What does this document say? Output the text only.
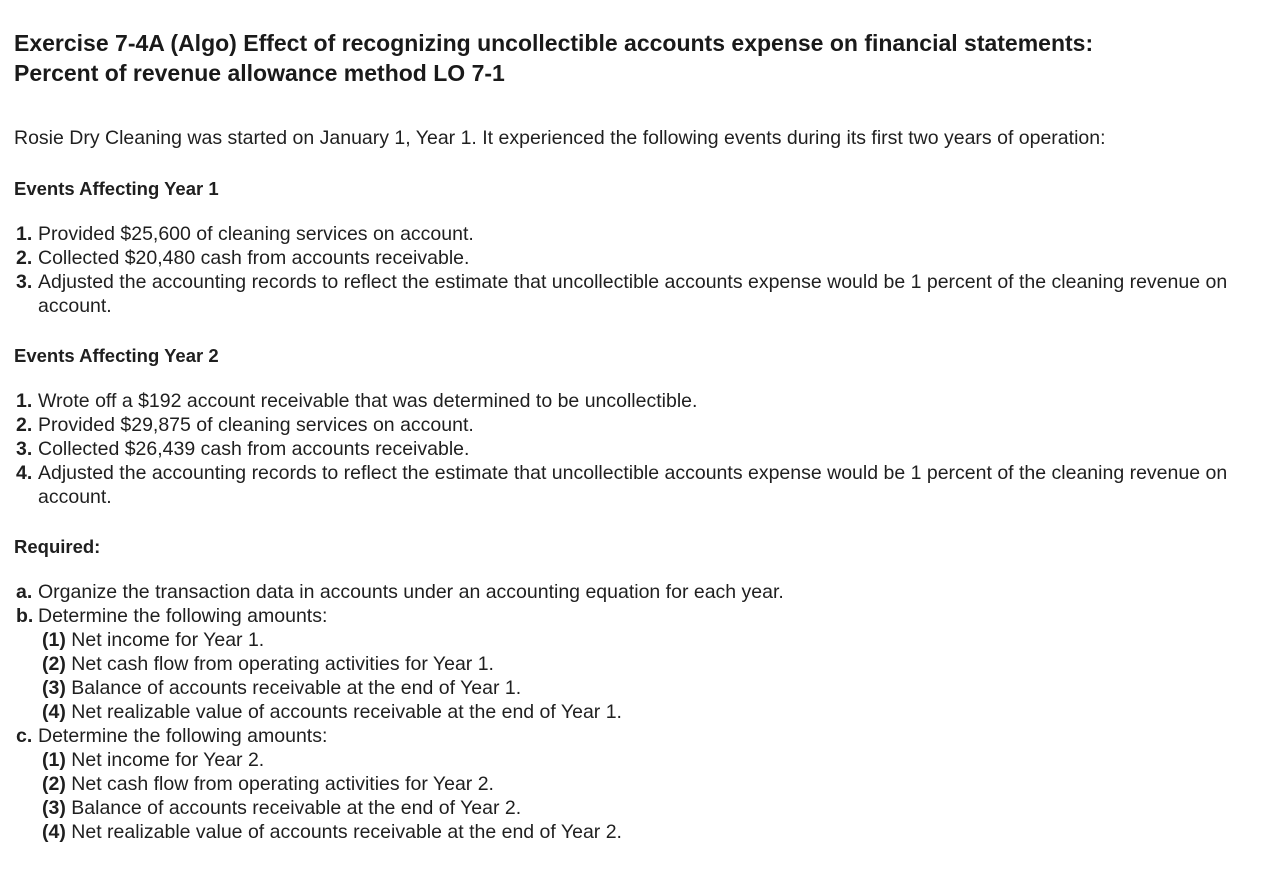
Exercise 7-4A (Algo) Effect of recognizing uncollectible accounts expense on financial statements:
Percent of revenue allowance method LO 7-1

Rosie Dry Cleaning was started on January 1, Year 1. It experienced the following events during its first two years of operation:

Events Affecting Year 1
1. Provided $25,600 of cleaning services on account.
2. Collected $20,480 cash from accounts receivable.
3. Adjusted the accounting records to reflect the estimate that uncollectible accounts expense would be 1 percent of the cleaning revenue on account.
Events Affecting Year 2
1. Wrote off a $192 account receivable that was determined to be uncollectible.
2. Provided $29,875 of cleaning services on account.
3. Collected $26,439 cash from accounts receivable.
4. Adjusted the accounting records to reflect the estimate that uncollectible accounts expense would be 1 percent of the cleaning revenue on account.
Required:
a. Organize the transaction data in accounts under an accounting equation for each year.
b. Determine the following amounts:
(1) Net income for Year 1.
(2) Net cash flow from operating activities for Year 1.
(3) Balance of accounts receivable at the end of Year 1.
(4) Net realizable value of accounts receivable at the end of Year 1.
c. Determine the following amounts:
(1) Net income for Year 2.
(2) Net cash flow from operating activities for Year 2.
(3) Balance of accounts receivable at the end of Year 2.
(4) Net realizable value of accounts receivable at the end of Year 2.
